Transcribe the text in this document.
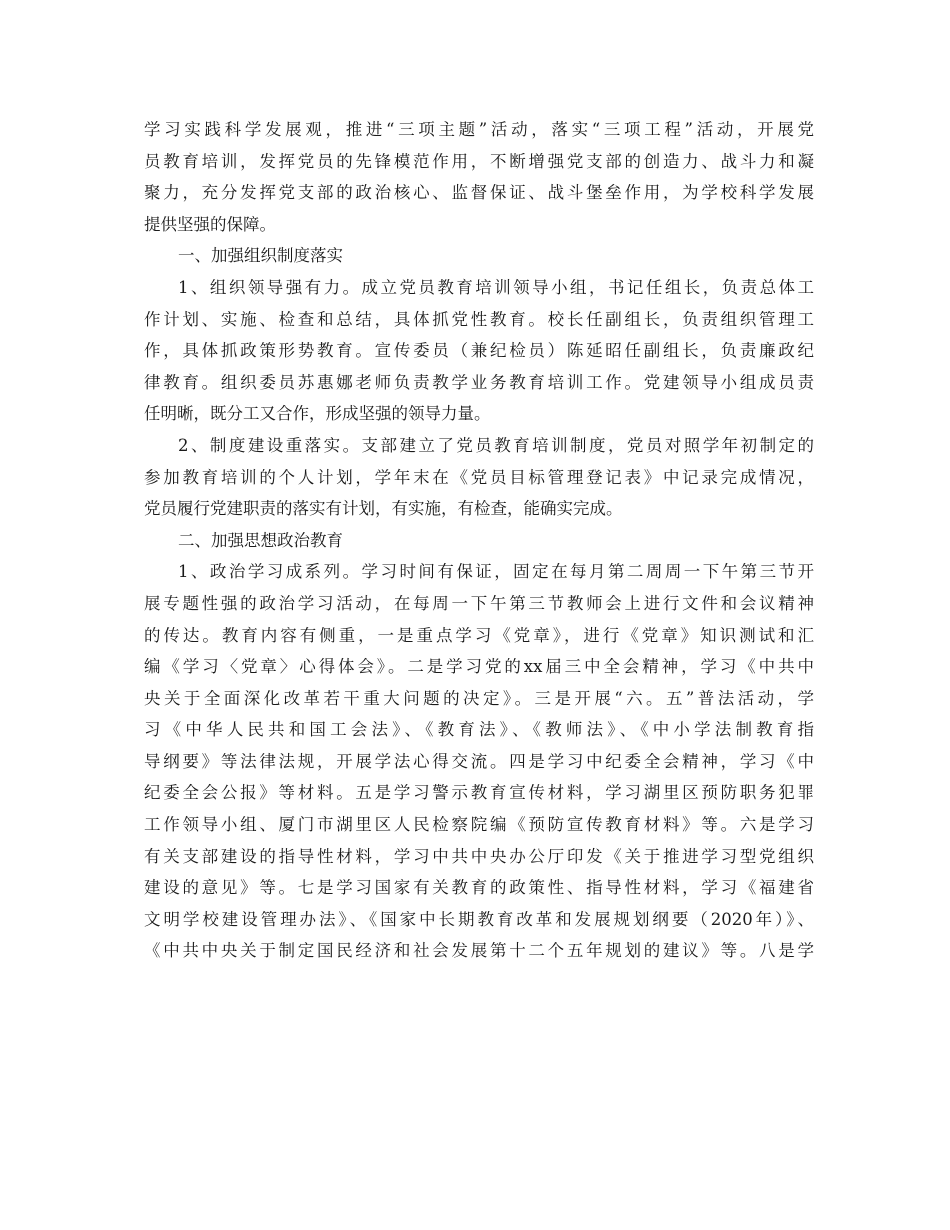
学习实践科学发展观，推进“三项主题”活动，落实“三项工程”活动，开展党
员教育培训，发挥党员的先锋模范作用，不断增强党支部的创造力、战斗力和凝
聚力，充分发挥党支部的政治核心、监督保证、战斗堡垒作用，为学校科学发展
提供坚强的保障。
一、加强组织制度落实
1、组织领导强有力。成立党员教育培训领导小组，书记任组长，负责总体工
作计划、实施、检查和总结，具体抓党性教育。校长任副组长，负责组织管理工
作，具体抓政策形势教育。宣传委员（兼纪检员）陈延昭任副组长，负责廉政纪
律教育。组织委员苏惠娜老师负责教学业务教育培训工作。党建领导小组成员责
任明晰，既分工又合作，形成坚强的领导力量。
2、制度建设重落实。支部建立了党员教育培训制度，党员对照学年初制定的
参加教育培训的个人计划，学年末在《党员目标管理登记表》中记录完成情况，
党员履行党建职责的落实有计划，有实施，有检查，能确实完成。
二、加强思想政治教育
1、政治学习成系列。学习时间有保证，固定在每月第二周周一下午第三节开
展专题性强的政治学习活动，在每周一下午第三节教师会上进行文件和会议精神
的传达。教育内容有侧重，一是重点学习《党章》，进行《党章》知识测试和汇
编《学习〈党章〉心得体会》。二是学习党的xx届三中全会精神，学习《中共中
央关于全面深化改革若干重大问题的决定》。三是开展“六。五”普法活动，学
习《中华人民共和国工会法》、《教育法》、《教师法》、《中小学法制教育指
导纲要》等法律法规，开展学法心得交流。四是学习中纪委全会精神，学习《中
纪委全会公报》等材料。五是学习警示教育宣传材料，学习湖里区预防职务犯罪
工作领导小组、厦门市湖里区人民检察院编《预防宣传教育材料》等。六是学习
有关支部建设的指导性材料，学习中共中央办公厅印发《关于推进学习型党组织
建设的意见》等。七是学习国家有关教育的政策性、指导性材料，学习《福建省
文明学校建设管理办法》、《国家中长期教育改革和发展规划纲要（2020年）》、
《中共中央关于制定国民经济和社会发展第十二个五年规划的建议》等。八是学
